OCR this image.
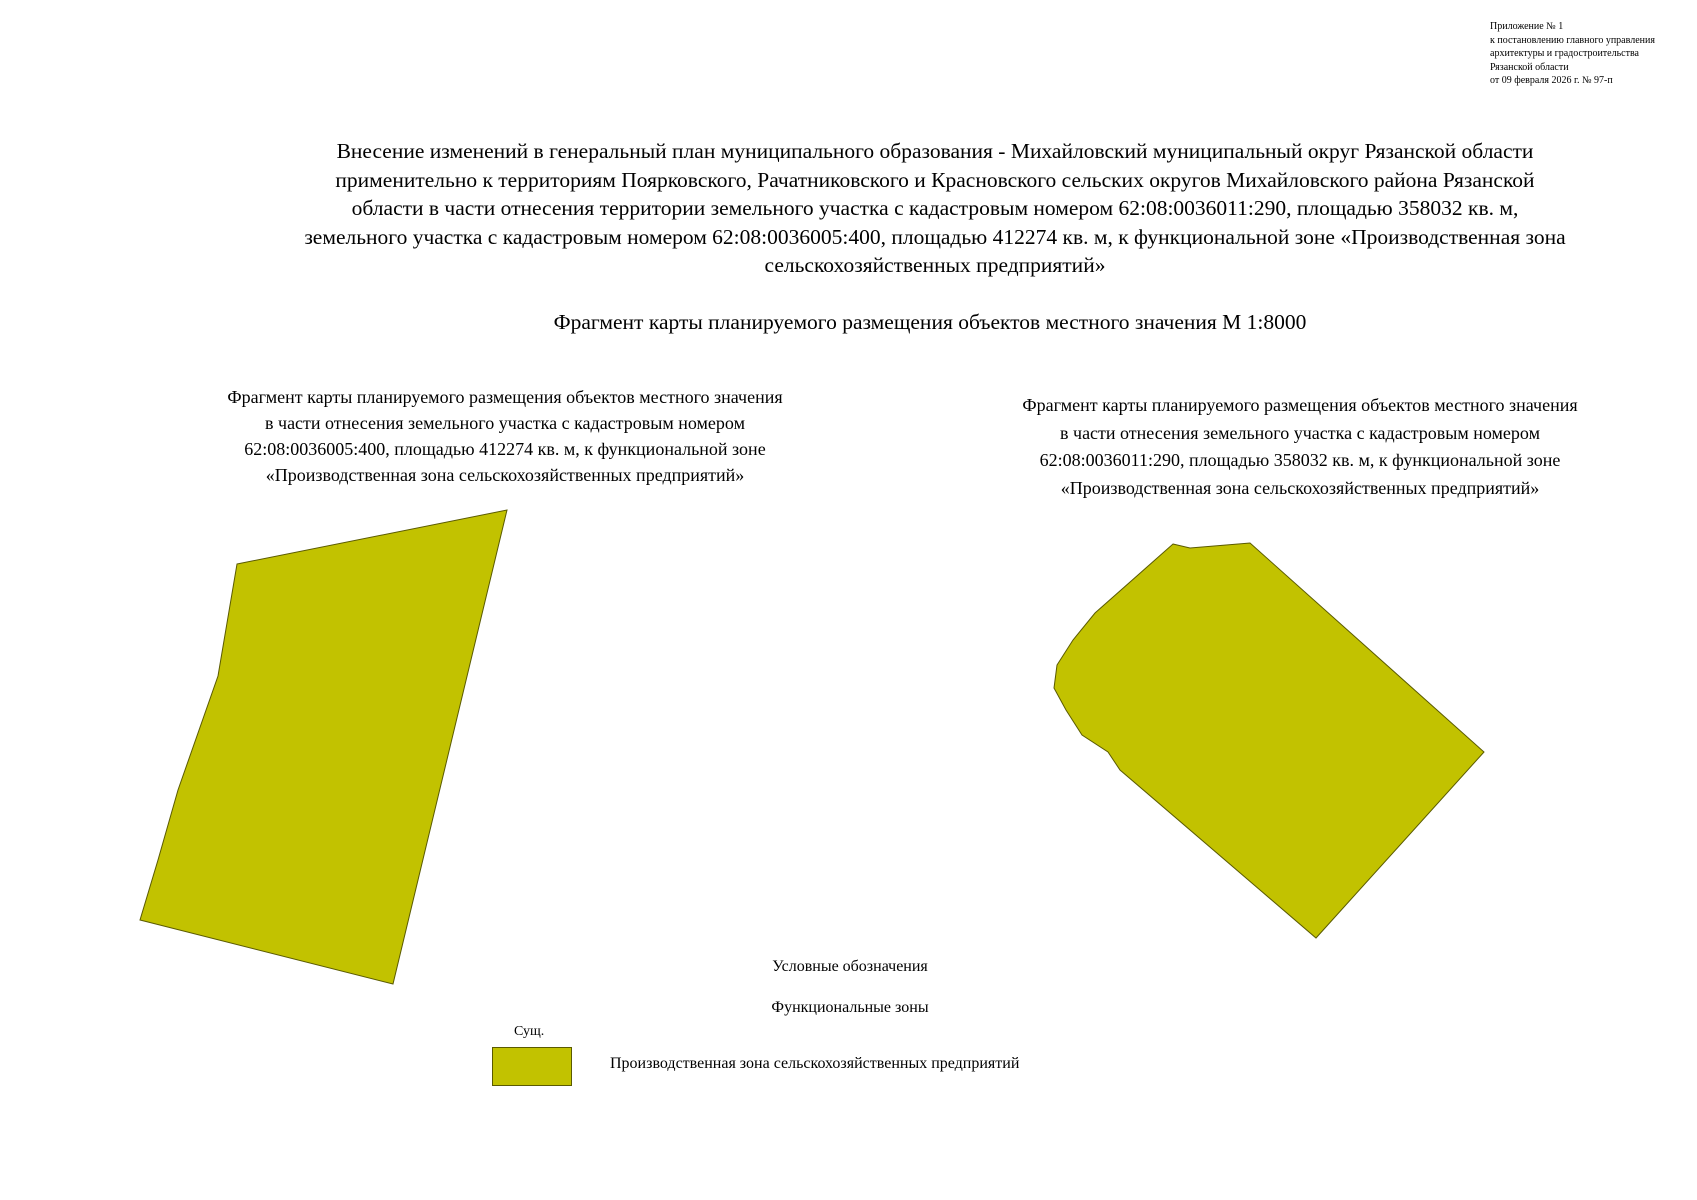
Приложение № 1
к постановлению главного управления
архитектуры и градостроительства
Рязанской области
от 09 февраля 2026 г. № 97-п
Внесение изменений в генеральный план муниципального образования - Михайловский муниципальный округ Рязанской области
применительно к территориям Поярковского, Рачатниковского и Красновского сельских округов Михайловского района Рязанской
области в части отнесения территории земельного участка с кадастровым номером 62:08:0036011:290, площадью 358032 кв. м,
земельного участка с кадастровым номером 62:08:0036005:400, площадью 412274 кв. м, к функциональной зоне «Производственная зона
сельскохозяйственных предприятий»
Фрагмент карты планируемого размещения объектов местного значения М 1:8000
Фрагмент карты планируемого размещения объектов местного значения
в части отнесения земельного участка с кадастровым номером
62:08:0036005:400, площадью 412274 кв. м, к функциональной зоне
«Производственная зона сельскохозяйственных предприятий»
Фрагмент карты планируемого размещения объектов местного значения
в части отнесения земельного участка с кадастровым номером
62:08:0036011:290, площадью 358032 кв. м, к функциональной зоне
«Производственная зона сельскохозяйственных предприятий»
Условные обозначения
Функциональные зоны
Сущ.
Производственная зона сельскохозяйственных предприятий
